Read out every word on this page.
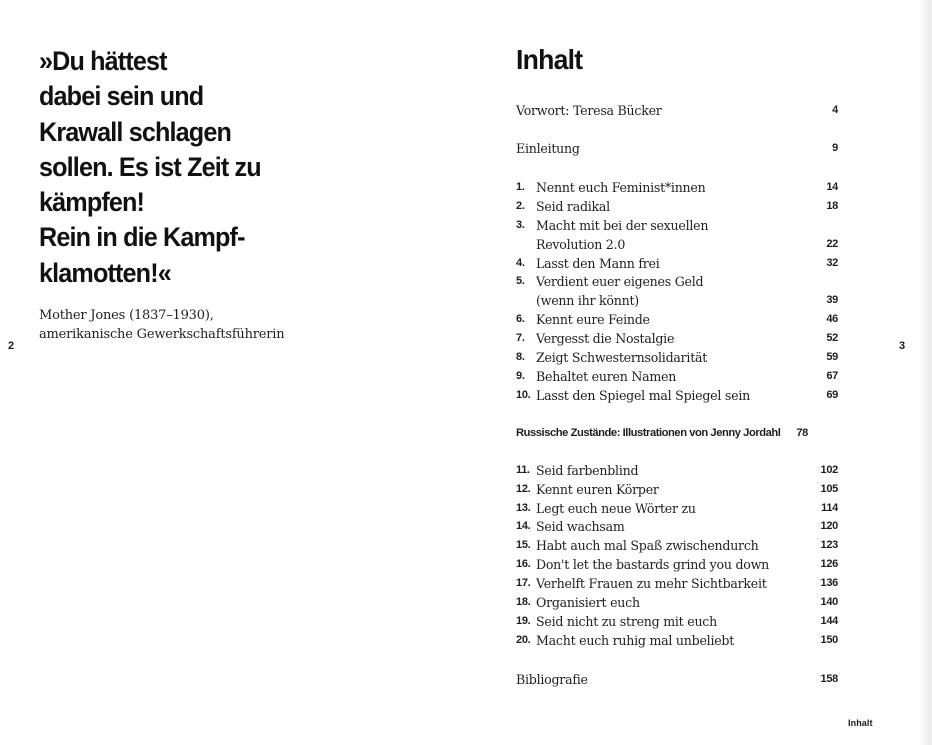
»Du hättest
dabei sein und
Krawall schlagen
sollen. Es ist Zeit zu
kämpfen!
Rein in die Kampf-
klamotten!«
Mother Jones (1837–1930),
amerikanische Gewerkschaftsführerin
2
Inhalt
Vorwort: Teresa Bücker	4
Einleitung	9
1. Nennt euch Feminist*innen	14
2. Seid radikal	18
3. Macht mit bei der sexuellen
Revolution 2.0	22
4. Lasst den Mann frei	32
5. Verdient euer eigenes Geld
(wenn ihr könnt)	39
6. Kennt eure Feinde	46
7. Vergesst die Nostalgie	52
8. Zeigt Schwesternsolidarität	59
9. Behaltet euren Namen	67
10. Lasst den Spiegel mal Spiegel sein	69
Russische Zustände: Illustrationen von Jenny Jordahl 78
11. Seid farbenblind	102
12. Kennt euren Körper	105
13. Legt euch neue Wörter zu	114
14. Seid wachsam	120
15. Habt auch mal Spaß zwischendurch	123
16. Don't let the bastards grind you down	126
17. Verhelft Frauen zu mehr Sichtbarkeit	136
18. Organisiert euch	140
19. Seid nicht zu streng mit euch	144
20. Macht euch ruhig mal unbeliebt	150
Bibliografie	158
3
Inhalt
